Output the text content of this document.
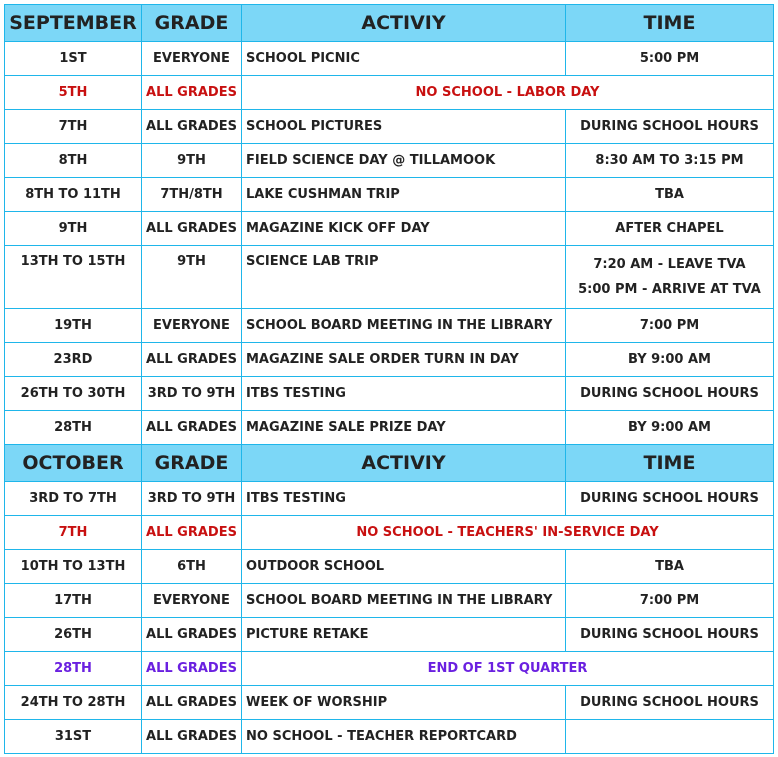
SEPTEMBER	GRADE	ACTIVIY	TIME
1ST	EVERYONE	SCHOOL PICNIC	5:00 PM
5TH	ALL GRADES	NO SCHOOL - LABOR DAY	
7TH	ALL GRADES	SCHOOL PICTURES	DURING SCHOOL HOURS
8TH	9TH	FIELD SCIENCE DAY @ TILLAMOOK	8:30 AM TO 3:15 PM
8TH TO 11TH	7TH/8TH	LAKE CUSHMAN TRIP	TBA
9TH	ALL GRADES	MAGAZINE KICK OFF DAY	AFTER CHAPEL
13TH TO 15TH	9TH	SCIENCE LAB TRIP	7:20 AM - LEAVE TVA
5:00 PM - ARRIVE AT TVA

19TH	EVERYONE	SCHOOL BOARD MEETING IN THE LIBRARY	7:00 PM
23RD	ALL GRADES	MAGAZINE SALE ORDER TURN IN DAY	BY 9:00 AM
26TH TO 30TH	3RD TO 9TH	ITBS TESTING	DURING SCHOOL HOURS
28TH	ALL GRADES	MAGAZINE SALE PRIZE DAY	BY 9:00 AM
OCTOBER	GRADE	ACTIVIY	TIME
3RD TO 7TH	3RD TO 9TH	ITBS TESTING	DURING SCHOOL HOURS
7TH	ALL GRADES	NO SCHOOL - TEACHERS' IN-SERVICE DAY	
10TH TO 13TH	6TH	OUTDOOR SCHOOL	TBA
17TH	EVERYONE	SCHOOL BOARD MEETING IN THE LIBRARY	7:00 PM
26TH	ALL GRADES	PICTURE RETAKE	DURING SCHOOL HOURS
28TH	ALL GRADES	END OF 1ST QUARTER	
24TH TO 28TH	ALL GRADES	WEEK OF WORSHIP	DURING SCHOOL HOURS
31ST	ALL GRADES	NO SCHOOL - TEACHER REPORTCARD	
